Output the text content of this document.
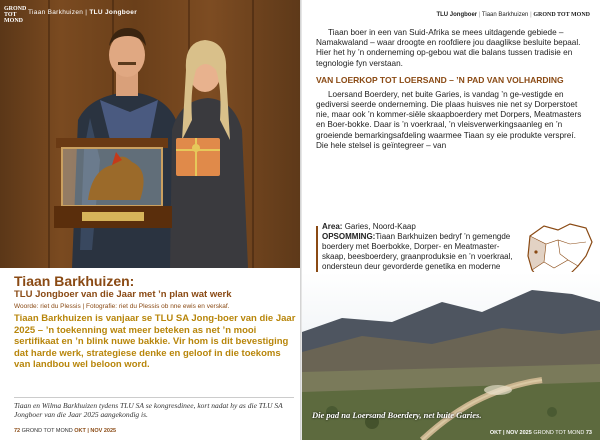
GROND TOT MOND
Tiaan Barkhuizen | TLU Jongboer
Tiaan Barkhuizen:
TLU Jongboer van die Jaar met ’n plan wat werk
Woorde: riet du Plessis | Fotografie: riet du Plessis ob nne ewis en verskaf.
Tiaan Barkhuizen is vanjaar se TLU SA Jong-boer van die Jaar 2025 – ’n toekenning wat meer beteken as net ’n mooi sertifikaat en ’n blink nuwe bakkie. Vir hom is dit bevestiging dat harde werk, strategiese denke en geloof in die toekoms van landbou wel beloon word.
Tiaan en Wilma Barkhuizen tydens TLU SA se kongresdinee, kort nadat hy as die TLU SA Jongboer van die Jaar 2025 aangekondig is.
72 GROND TOT MOND OKT | NOV 2025
TLU Jongboer | Tiaan Barkhuizen | GROND TOT MOND

Tiaan boer in een van Suid-Afrika se mees uitdagende gebiede – Namakwaland – waar droogte en roofdiere jou daaglikse besluite bepaal. Hier het hy ’n onderneming op-gebou wat die balans tussen tradisie en tegnologie fyn verstaan.

VAN LOERKOP TOT LOERSAND – ’N PAD VAN VOLHARDING

Loersand Boerdery, net buite Garies, is vandag ’n ge-vestigde en gediversi seerde onderneming. Die plaas huisves nie net sy Dorperstoet nie, maar ook ’n kommer-siële skaapboerdery met Dorpers, Meatmasters en Boer-bokke. Daar is ’n voerkraal, ’n vleisverwerkingsaanleg en ’n groeiende bemarkingsafdeling waarmee Tiaan sy eie produkte verspreí. Die hele stelsel is geïntegreer – van

Area: Garies, Noord-Kaap
OPSOMMING:Tiaan Barkhuizen bedryf ’n gemengde boerdery met Boerbokke, Dorper- en Meatmaster-skaap, beesboerdery, graanproduksie en ’n voerkraal, ondersteun deur gevorderde genetika en moderne
Die pad na Loersand Boerdery, net buite Garies.
OKT | NOV 2025 GROND TOT MOND 73
